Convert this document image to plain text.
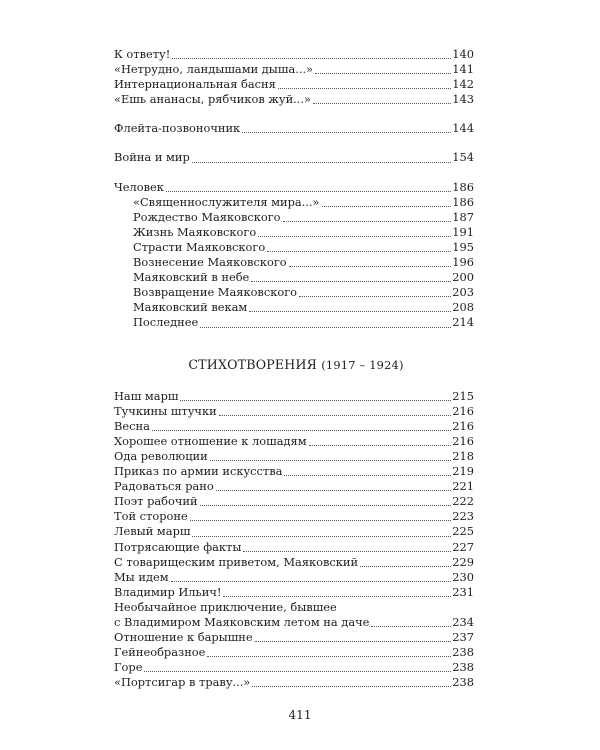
К ответу!	140
«Нетрудно, ландышами дыша...»	141
Интернациональная басня	142
«Ешь ананасы, рябчиков жуй...»	143
Флейта-позвоночник	144
Война и мир	154
Человек	186
«Священнослужителя мира...»	186
Рождество Маяковского	187
Жизнь Маяковского	191
Страсти Маяковского	195
Вознесение Маяковского	196
Маяковский в небе	200
Возвращение Маяковского	203
Маяковский векам	208
Последнее	214

СТИХОТВОРЕНИЯ (1917 – 1924)

Наш марш	215
Тучкины штучки	216
Весна	216
Хорошее отношение к лошадям	216
Ода революции	218
Приказ по армии искусства	219
Радоваться рано	221
Поэт рабочий	222
Той стороне	223
Левый марш	225
Потрясающие факты	227
С товарищеским приветом, Маяковский	229
Мы идем	230
Владимир Ильич!	231
Необычайное приключение, бывшее
с Владимиром Маяковским летом на даче	234
Отношение к барышне	237
Гейнеобразное	238
Горе	238
«Портсигар в траву...»	238
411
